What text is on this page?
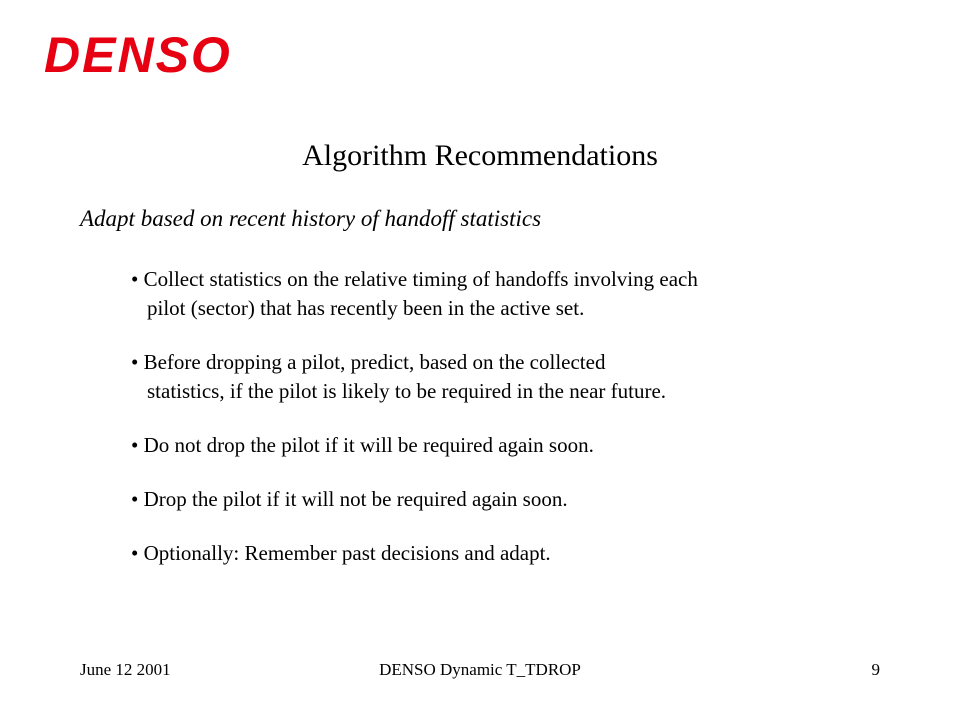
DENSO
Algorithm Recommendations
Adapt based on recent history of handoff statistics
• Collect statistics on the relative timing of handoffs involving each
pilot (sector) that has recently been in the active set.
• Before dropping a pilot, predict, based on the collected
statistics, if the pilot is likely to be required in the near future.
• Do not drop the pilot if it will be required again soon.
• Drop the pilot if it will not be required again soon.
• Optionally: Remember past decisions and adapt.
June 12 2001	DENSO Dynamic T_TDROP	9
